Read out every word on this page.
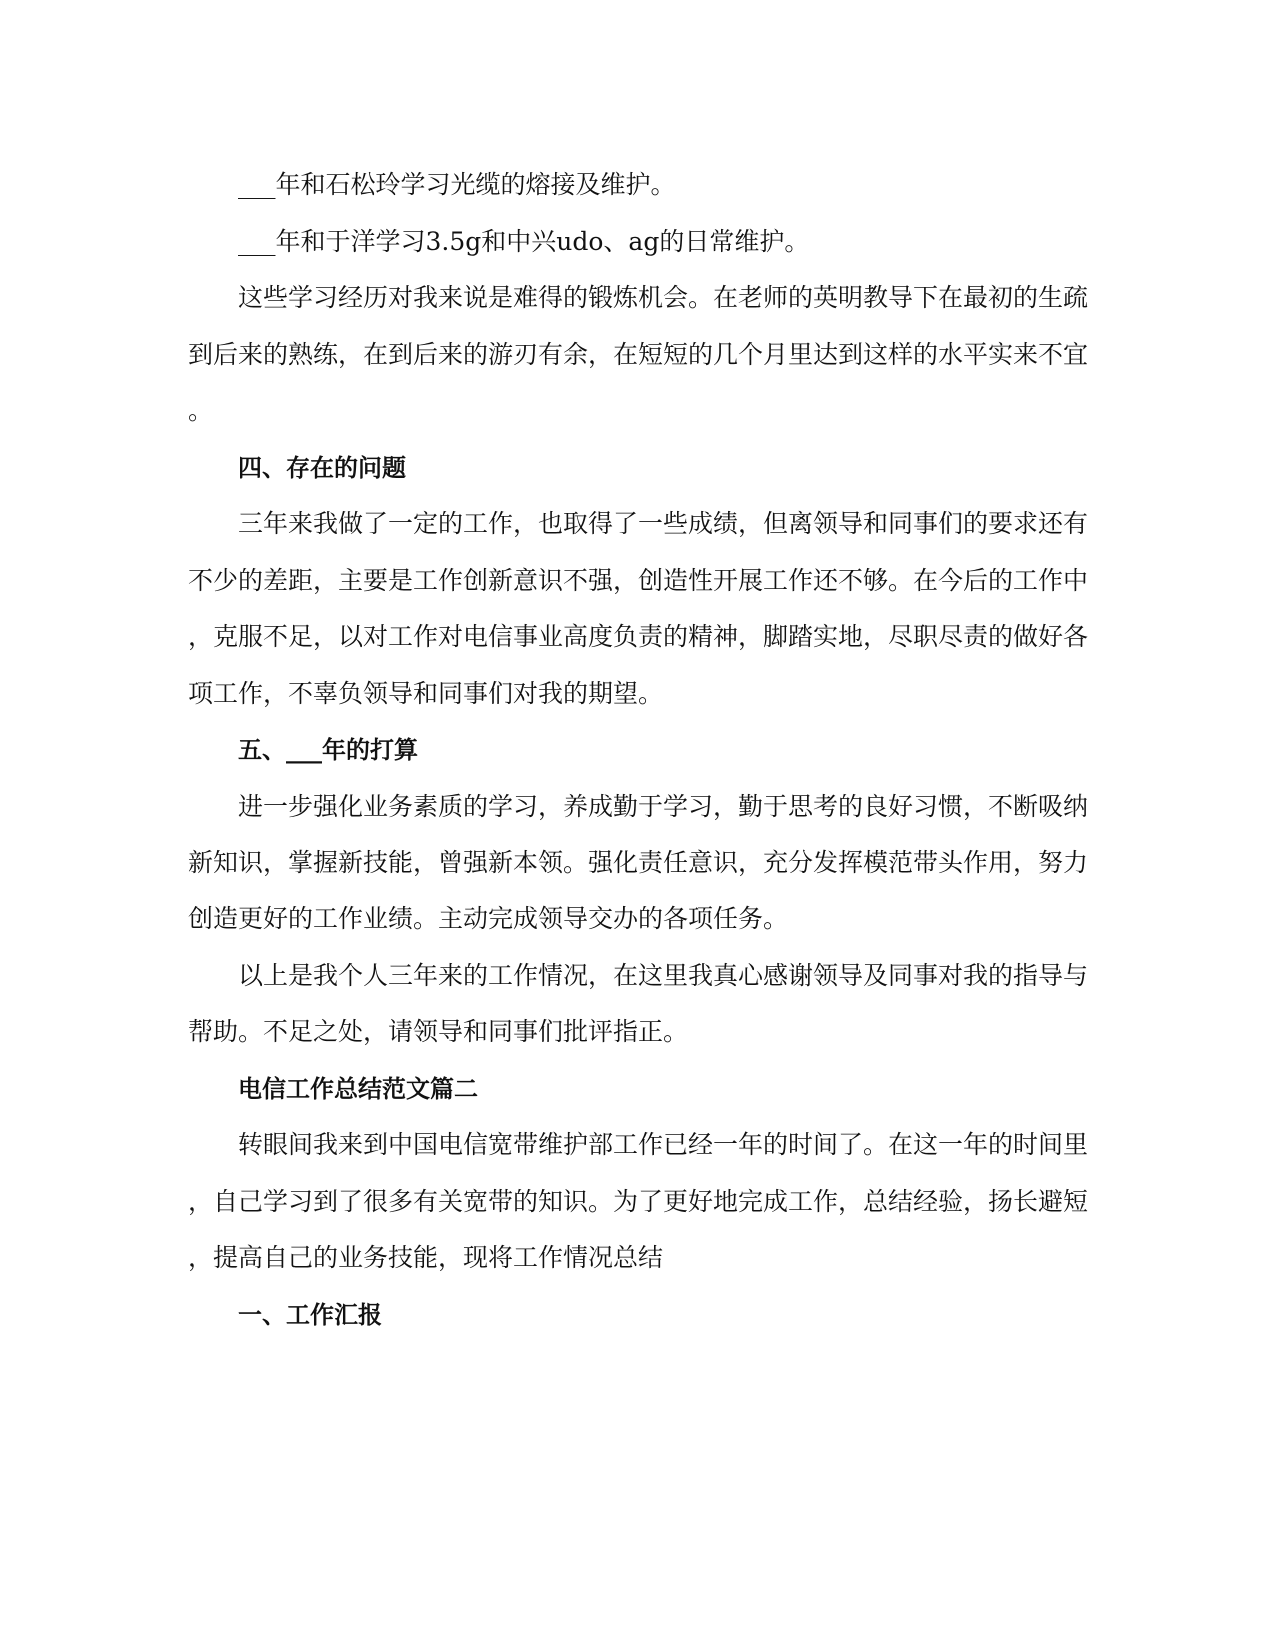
___年和石松玲学习光缆的熔接及维护。
___年和于洋学习3.5g和中兴udo、ag的日常维护。
这些学习经历对我来说是难得的锻炼机会。在老师的英明教导下在最初的生疏
到后来的熟练，在到后来的游刃有余，在短短的几个月里达到这样的水平实来不宜
。
四、存在的问题
三年来我做了一定的工作，也取得了一些成绩，但离领导和同事们的要求还有
不少的差距，主要是工作创新意识不强，创造性开展工作还不够。在今后的工作中
，克服不足，以对工作对电信事业高度负责的精神，脚踏实地，尽职尽责的做好各
项工作，不辜负领导和同事们对我的期望。
五、___年的打算
进一步强化业务素质的学习，养成勤于学习，勤于思考的良好习惯，不断吸纳
新知识，掌握新技能，曾强新本领。强化责任意识，充分发挥模范带头作用，努力
创造更好的工作业绩。主动完成领导交办的各项任务。
以上是我个人三年来的工作情况，在这里我真心感谢领导及同事对我的指导与
帮助。不足之处，请领导和同事们批评指正。
电信工作总结范文篇二
转眼间我来到中国电信宽带维护部工作已经一年的时间了。在这一年的时间里
，自己学习到了很多有关宽带的知识。为了更好地完成工作，总结经验，扬长避短
，提高自己的业务技能，现将工作情况总结
一、工作汇报
